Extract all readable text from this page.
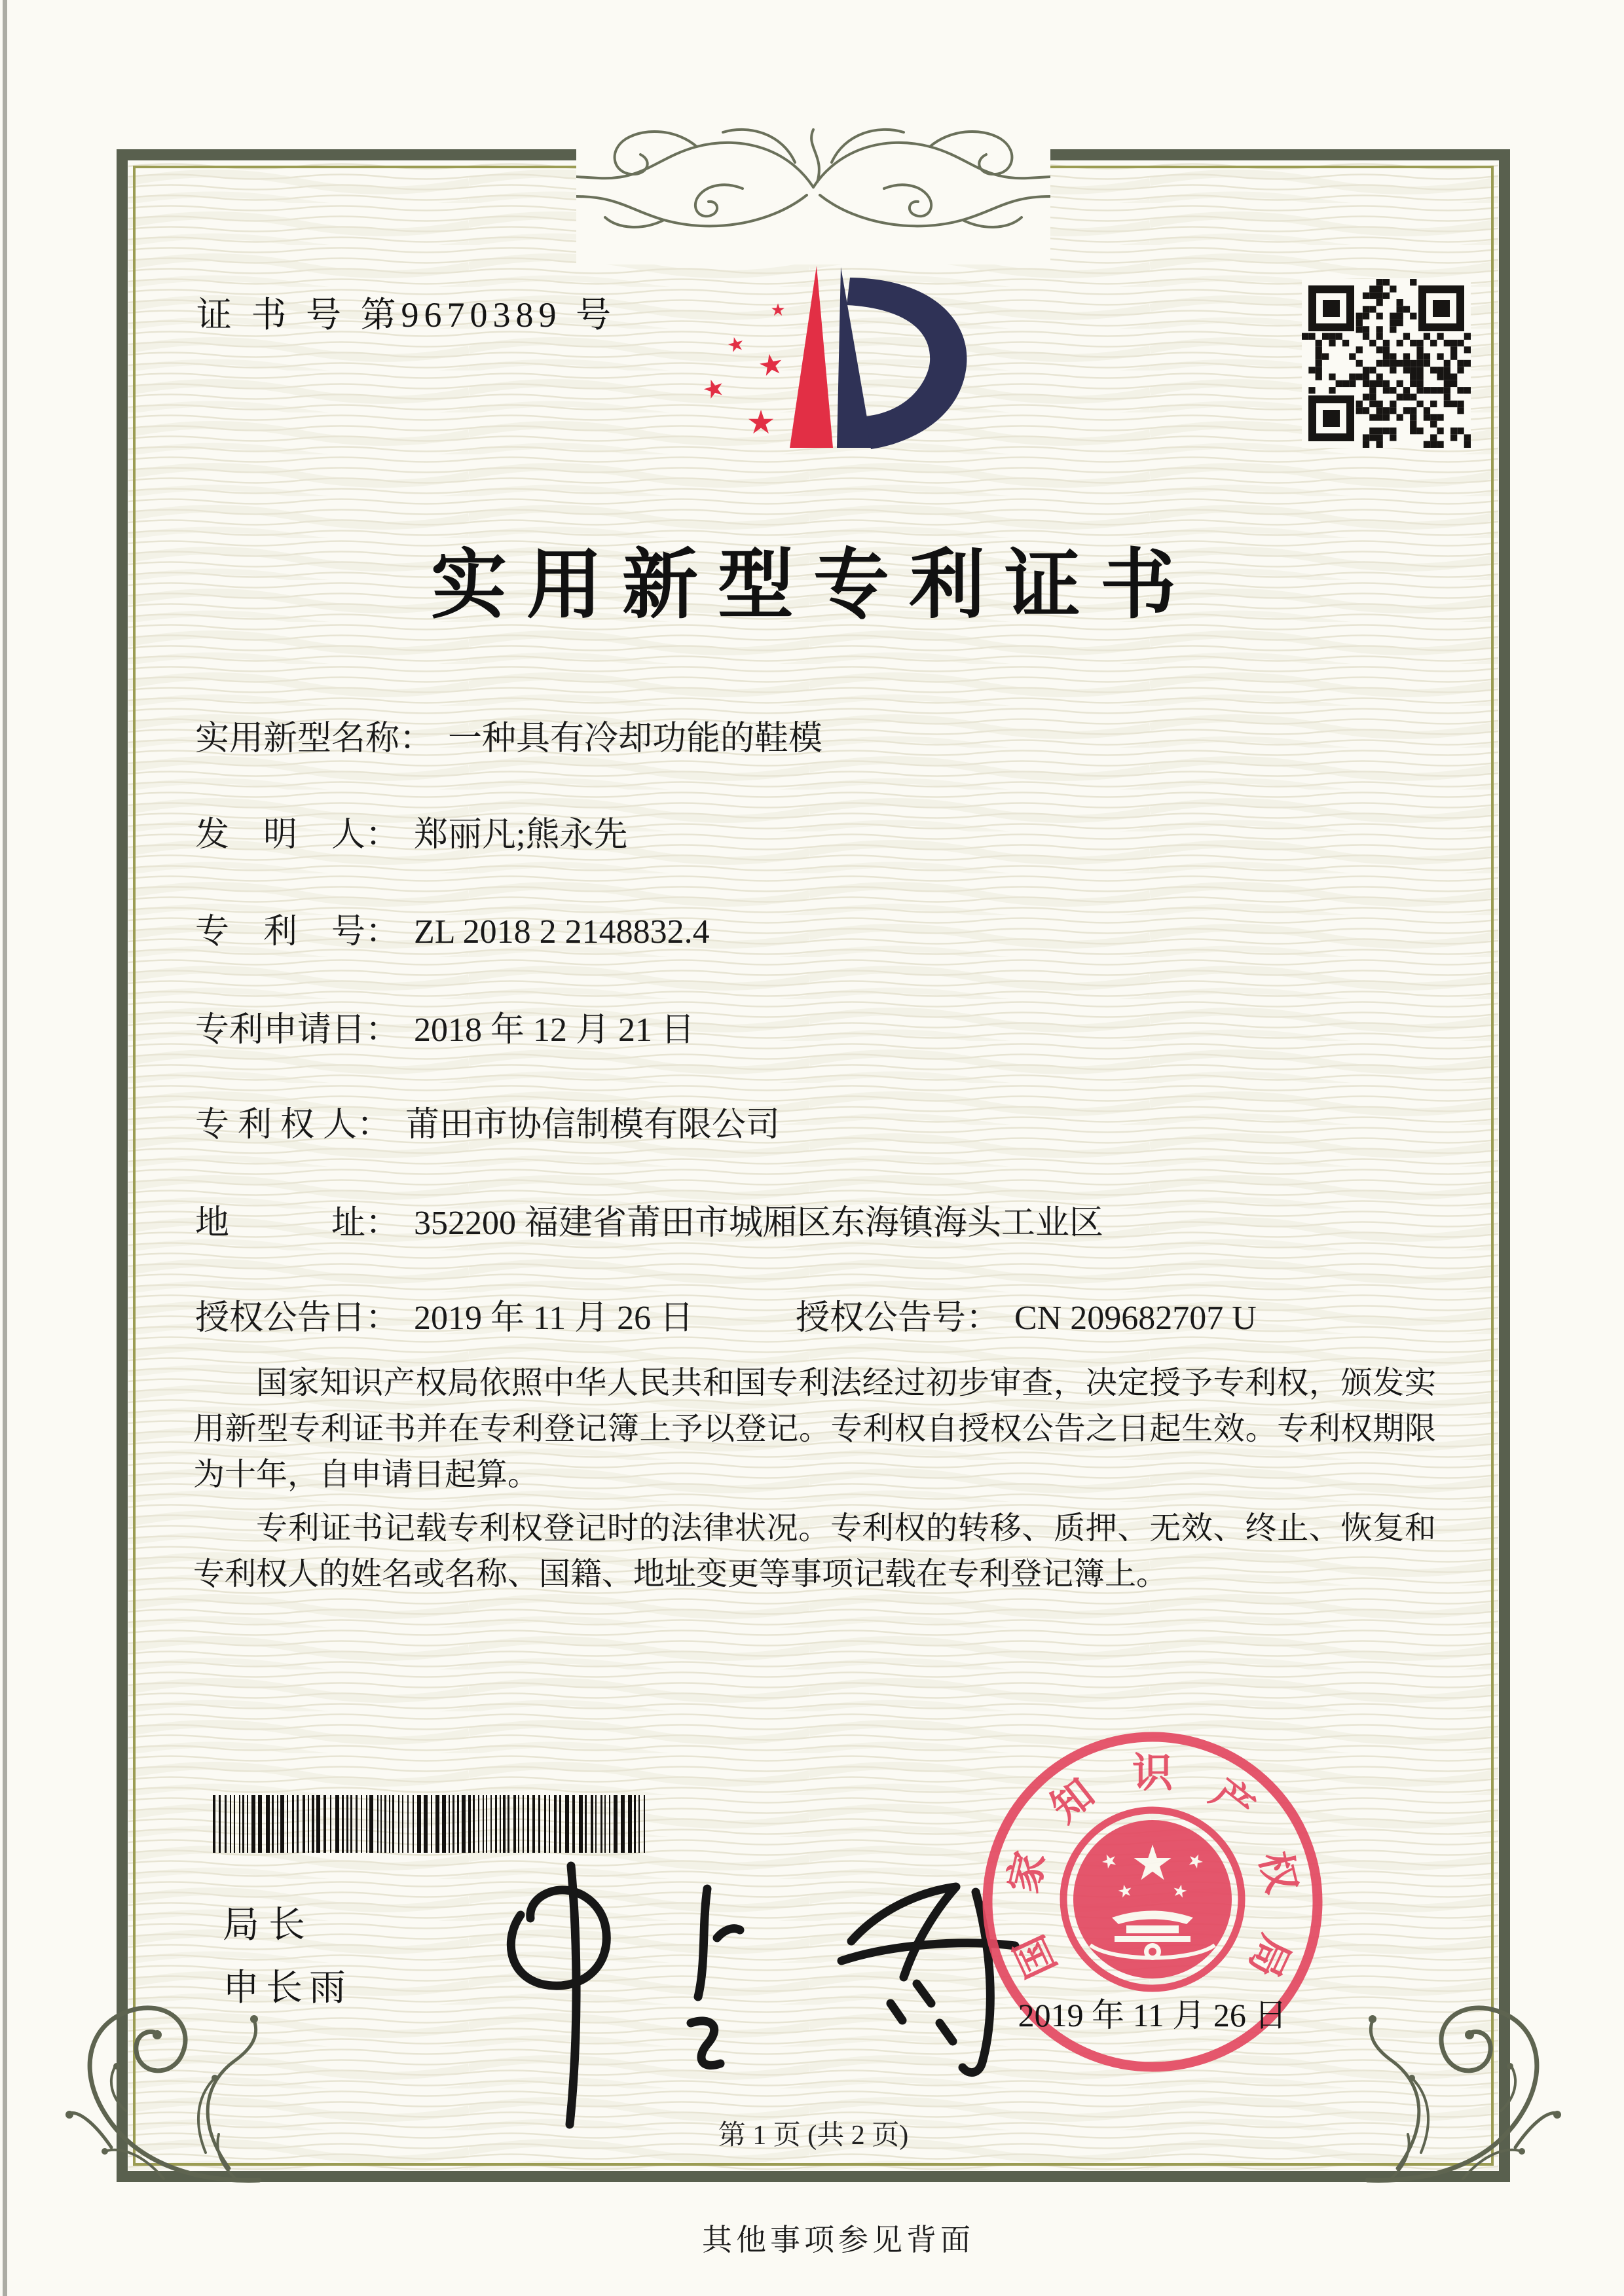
证 书 号 第9670389 号	★
★
★
★
★
实用新型专利证书
实用新型名称： 一种具有冷却功能的鞋模
发　明　人： 郑丽凡;熊永先
专　利　号： ZL 2018 2 2148832.4
专利申请日： 2018 年 12 月 21 日
专 利 权 人： 莆田市协信制模有限公司
地　　　址： 352200 福建省莆田市城厢区东海镇海头工业区
授权公告日： 2019 年 11 月 26 日	授权公告号： CN 209682707 U

国家知识产权局依照中华人民共和国专利法经过初步审查，决定授予专利权，颁发实用新型专利证书并在专利登记簿上予以登记。专利权自授权公告之日起生效。专利权期限为十年，自申请日起算。

专利证书记载专利权登记时的法律状况。专利权的转移、质押、无效、终止、恢复和专利权人的姓名或名称、国籍、地址变更等事项记载在专利登记簿上。

局长
申长雨
国
家
知 识 产
权
局
★
★	★
★ ★
2019 年 11 月 26 日
第 1 页 (共 2 页)
其他事项参见背面
